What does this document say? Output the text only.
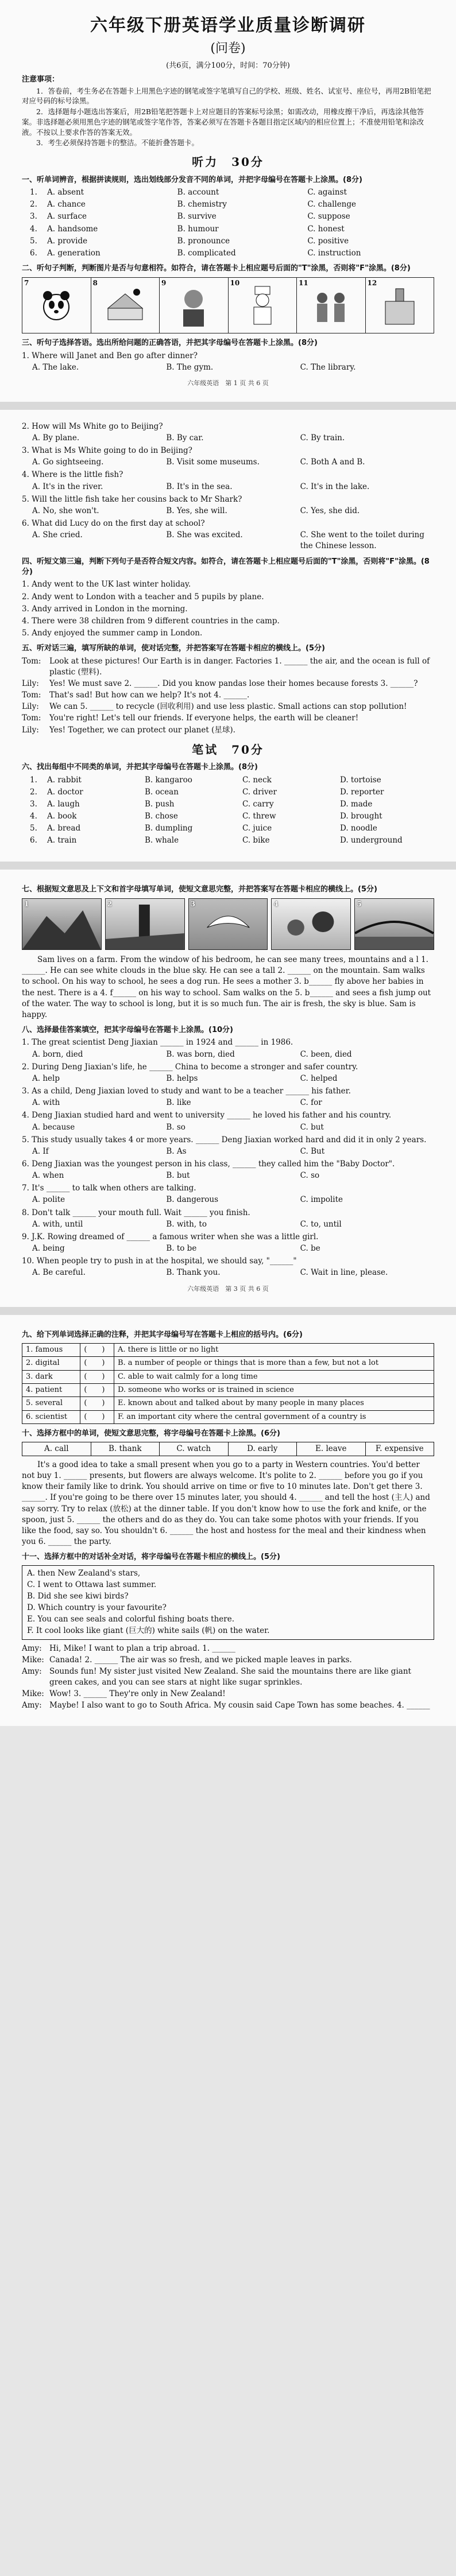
六年级下册英语学业质量诊断调研
(问卷)
(共6页，满分100分，时间：70分钟)
注意事项：

1．答卷前，考生务必在答题卡上用黑色字迹的钢笔或签字笔填写自己的学校、班级、姓名、试室号、座位号，再用2B铅笔把对应号码的标号涂黑。

2．选择题每小题选出答案后，用2B铅笔把答题卡上对应题目的答案标号涂黑；如需改动，用橡皮擦干净后，再选涂其他答案。非选择题必须用黑色字迹的钢笔或签字笔作答，答案必须写在答题卡各题目指定区域内的相应位置上；不准使用铅笔和涂改液。不按以上要求作答的答案无效。

3．考生必须保持答题卡的整洁。不能折叠答题卡。

听力　30分
一、听单词辨音，根据拼读规则，选出划线部分发音不同的单词，并把字母编号在答题卡上涂黑。(8分)
1.	A. absent	B. account	C. against
2.	A. chance	B. chemistry	C. challenge
3.	A. surface	B. survive	C. suppose
4.	A. handsome	B. humour	C. honest
5.	A. provide	B. pronounce	C. positive
6.	A. generation	B. complicated	C. instruction
二、听句子判断，判断图片是否与句意相符。如符合，请在答题卡上相应题号后面的"T"涂黑，否则将"F"涂黑。(8分)
7	8	9	10	11	12
三、听句子选择答语。选出所给问题的正确答语，并把其字母编号在答题卡上涂黑。(8分)
1. Where will Janet and Ben go after dinner?
A. The lake.	B. The gym.	C. The library.
六年级英语　第 1 页 共 6 页
2. How will Ms White go to Beijing?
A. By plane.	B. By car.	C. By train.
3. What is Ms White going to do in Beijing?
A. Go sightseeing.	B. Visit some museums.	C. Both A and B.
4. Where is the little fish?
A. It's in the river.	B. It's in the sea.	C. It's in the lake.
5. Will the little fish take her cousins back to Mr Shark?
A. No, she won't.	B. Yes, she will.	C. Yes, she did.
6. What did Lucy do on the first day at school?
A. She cried.	B. She was excited.	C. She went to the toilet during the Chinese lesson.
四、听短文第三遍，判断下列句子是否符合短文内容。如符合，请在答题卡上相应题号后面的"T"涂黑，否则将"F"涂黑。(8分)
1. Andy went to the UK last winter holiday.
2. Andy went to London with a teacher and 5 pupils by plane.
3. Andy arrived in London in the morning.
4. There were 38 children from 9 different countries in the camp.
5. Andy enjoyed the summer camp in London.
五、听对话三遍，填写所缺的单词，使对话完整，并把答案写在答题卡相应的横线上。(5分)
Tom:	Look at these pictures! Our Earth is in danger. Factories 1. ______ the air, and the ocean is full of plastic (塑料).
Lily:	Yes! We must save 2. ______. Did you know pandas lose their homes because forests 3. ______?
Tom:	That's sad! But how can we help? It's not 4. ______.
Lily:	We can 5. ______ to recycle (回收利用) and use less plastic. Small actions can stop pollution!
Tom:	You're right! Let's tell our friends. If everyone helps, the earth will be cleaner!
Lily:	Yes! Together, we can protect our planet (星球).
笔试　70分
六、找出每组中不同类的单词，并把其字母编号在答题卡上涂黑。(8分)
1.	A. rabbit	B. kangaroo	C. neck	D. tortoise
2.	A. doctor	B. ocean	C. driver	D. reporter
3.	A. laugh	B. push	C. carry	D. made
4.	A. book	B. chose	C. threw	D. brought
5.	A. bread	B. dumpling	C. juice	D. noodle
6.	A. train	B. whale	C. bike	D. underground
七、根据短文意思及上下文和首字母填写单词，使短文意思完整，并把答案写在答题卡相应的横线上。(5分)
1	2	3	4	5
Sam lives on a farm. From the window of his bedroom, he can see many trees, mountains and a l 1. ______. He can see white clouds in the blue sky. He can see a tall 2. ______ on the mountain. Sam walks to school. On his way to school, he sees a dog run. He sees a mother 3. b______ fly above her babies in the nest. There is a 4. f______ on his way to school. Sam walks on the 5. b______ and sees a fish jump out of the water. The way to school is long, but it is so much fun. The air is fresh, the sky is blue. Sam is happy.
八、选择最佳答案填空，把其字母编号在答题卡上涂黑。(10分)
1. The great scientist Deng Jiaxian ______ in 1924 and ______ in 1986.
A. born, died	B. was born, died	C. been, died
2. During Deng Jiaxian's life, he ______ China to become a stronger and safer country.
A. help	B. helps	C. helped
3. As a child, Deng Jiaxian loved to study and want to be a teacher ______ his father.
A. with	B. like	C. for
4. Deng Jiaxian studied hard and went to university ______ he loved his father and his country.
A. because	B. so	C. but
5. This study usually takes 4 or more years. ______ Deng Jiaxian worked hard and did it in only 2 years.
A. If	B. As	C. But
6. Deng Jiaxian was the youngest person in his class, ______ they called him the "Baby Doctor".
A. when	B. but	C. so
7. It's ______ to talk when others are talking.
A. polite	B. dangerous	C. impolite
8. Don't talk ______ your mouth full. Wait ______ you finish.
A. with, until	B. with, to	C. to, until
9. J.K. Rowing dreamed of ______ a famous writer when she was a little girl.
A. being	B. to be	C. be
10. When people try to push in at the hospital, we should say, "______"
A. Be careful.	B. Thank you.	C. Wait in line, please.
六年级英语　第 3 页 共 6 页
九、给下列单词选择正确的注释，并把其字母编号写在答题卡上相应的括号内。(6分)
1. famous	(　　)	A. there is little or no light
2. digital	(　　)	B. a number of people or things that is more than a few, but not a lot
3. dark	(　　)	C. able to wait calmly for a long time
4. patient	(　　)	D. someone who works or is trained in science
5. several	(　　)	E. known about and talked about by many people in many places
6. scientist	(　　)	F. an important city where the central government of a country is
十、选择方框中的单词，使短文意思完整，将字母编号在答题卡上涂黑。(6分)
A. call	B. thank	C. watch	D. early	E. leave	F. expensive
It's a good idea to take a small present when you go to a party in Western countries. You'd better not buy 1. ______ presents, but flowers are always welcome. It's polite to 2. ______ before you go if you know their family like to drink. You should arrive on time or five to 10 minutes late. Don't get there 3. ______. If you're going to be there over 15 minutes later, you should 4. ______ and tell the host (主人) and say sorry. Try to relax (放松) at the dinner table. If you don't know how to use the fork and knife, or the spoon, just 5. ______ the others and do as they do. You can take some photos with your friends. If you like the food, say so. You shouldn't 6. ______ the host and hostess for the meal and their kindness when you 6. ______ the party.
十一、选择方框中的对话补全对话，将字母编号在答题卡相应的横线上。(5分)
A. then New Zealand's stars,
C. I went to Ottawa last summer.
B. Did she see kiwi birds?
D. Which country is your favourite?
E. You can see seals and colorful fishing boats there.
F. It cool looks like giant (巨大的) white sails (帆) on the water.
Amy: Hi, Mike! I want to plan a trip abroad. 1. ______
Mike: Canada! 2. ______ The air was so fresh, and we picked maple leaves in parks.
Amy: Sounds fun! My sister just visited New Zealand. She said the mountains there are like giant green cakes, and you can see stars at night like sugar sprinkles.
Mike: Wow! 3. ______ They're only in New Zealand!
Amy: Maybe! I also want to go to South Africa. My cousin said Cape Town has some beaches. 4. ______
